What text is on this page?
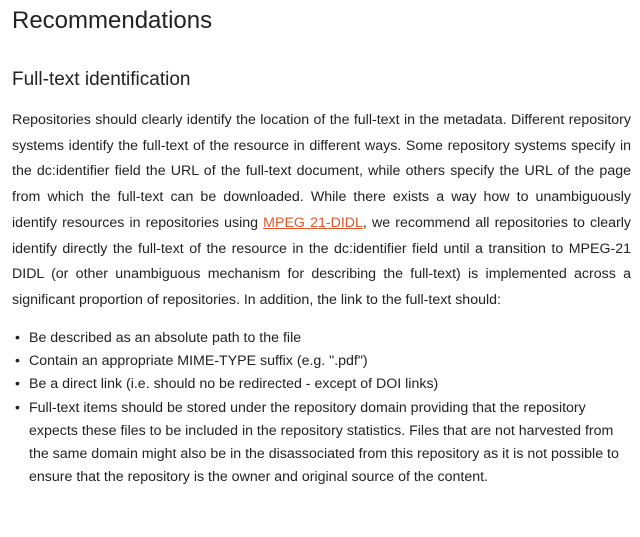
Recommendations
Full-text identification

Repositories should clearly identify the location of the full-text in the metadata. Different repository systems identify the full-text of the resource in different ways. Some repository systems specify in the dc:identifier field the URL of the full-text document, while others specify the URL of the page from which the full-text can be downloaded. While there exists a way how to unambiguously identify resources in repositories using MPEG 21-DIDL, we recommend all repositories to clearly identify directly the full-text of the resource in the dc:identifier field until a transition to MPEG-21 DIDL (or other unambiguous mechanism for describing the full-text) is implemented across a significant proportion of repositories. In addition, the link to the full-text should:

• Be described as an absolute path to the file
• Contain an appropriate MIME-TYPE suffix (e.g. ".pdf")
• Be a direct link (i.e. should no be redirected - except of DOI links)
• Full-text items should be stored under the repository domain providing that the repository expects these files to be included in the repository statistics. Files that are not harvested from the same domain might also be in the disassociated from this repository as it is not possible to ensure that the repository is the owner and original source of the content.
